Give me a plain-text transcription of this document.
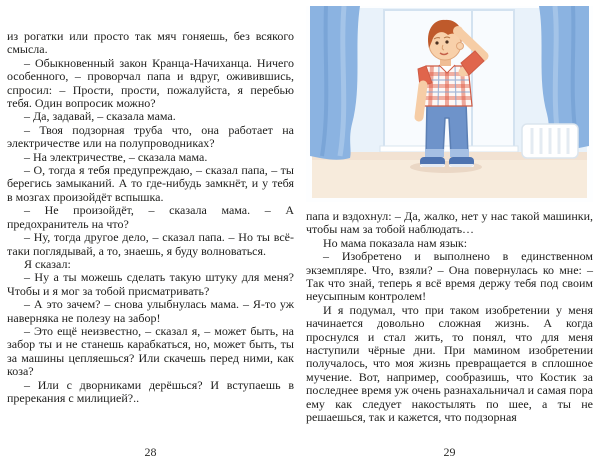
из рогатки или просто так мяч гоняешь, без всякого смысла.

– Обыкновенный закон Кранца-Начиханца. Ничего особенного, – проворчал папа и вдруг, оживившись, спросил: – Прости, прости, пожалуйста, я перебью тебя. Один вопросик можно?

– Да, задавай, – сказала мама.

– Твоя подзорная труба что, она работает на электричестве или на полупроводниках?

– На электричестве, – сказала мама.

– О, тогда я тебя предупреждаю, – сказал папа, – ты берегись замыканий. А то где-нибудь замкнёт, и у тебя в мозгах произойдёт вспышка.

– Не произойдёт, – сказала мама. – А предохранитель на что?

– Ну, тогда другое дело, – сказал папа. – Но ты всё-таки поглядывай, а то, знаешь, я буду волноваться.

Я сказал:

– Ну а ты можешь сделать такую штуку для меня? Чтобы и я мог за тобой присматривать?

– А это зачем? – снова улыбнулась мама. – Я-то уж наверняка не полезу на забор!

– Это ещё неизвестно, – сказал я, – может быть, на забор ты и не станешь карабкаться, но, может быть, ты за машины цепляешься? Или скачешь перед ними, как коза?

– Или с дворниками дерёшься? И вступаешь в пререкания с милицией?..

28

папа и вздохнул: – Да, жалко, нет у нас такой машинки, чтобы нам за тобой наблюдать…

Но мама показала нам язык:

– Изобретено и выполнено в единственном экземпляре. Что, взяли? – Она повернулась ко мне: – Так что знай, теперь я всё время держу тебя под своим неусыпным контролем!

И я подумал, что при таком изобретении у меня начинается довольно сложная жизнь. А когда проснулся и стал жить, то понял, что для меня наступили чёрные дни. При мамином изобретении получалось, что моя жизнь превращается в сплошное мучение. Вот, например, сообразишь, что Костик за последнее время уж очень разнахальничал и самая пора ему как следует накостылять по шее, а ты не решаешься, так и кажется, что подзорная

29
